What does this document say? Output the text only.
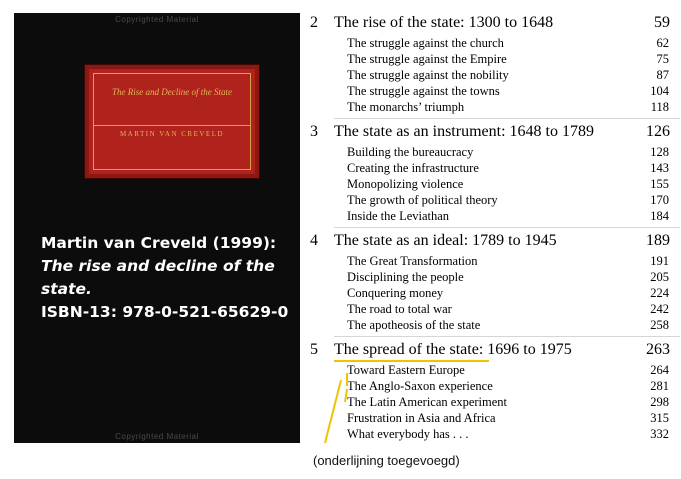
Copyrighted Material
The Rise and Decline of the State
MARTIN VAN CREVELD
Copyrighted Material
Martin van Creveld (1999):
The rise and decline of the
state.
ISBN-13: 978-0-521-65629-0
2 The rise of the state: 1300 to 1648	59
The struggle against the church	62
The struggle against the Empire	75
The struggle against the nobility	87
The struggle against the towns	104
The monarchs’ triumph	118
3 The state as an instrument: 1648 to 1789	126
Building the bureaucracy	128
Creating the infrastructure	143
Monopolizing violence	155
The growth of political theory	170
Inside the Leviathan	184
4 The state as an ideal: 1789 to 1945	189
The Great Transformation	191
Disciplining the people	205
Conquering money	224
The road to total war	242
The apotheosis of the state	258
5 The spread of the state: 1696 to 1975	263
Toward Eastern Europe	264
The Anglo-Saxon experience	281
The Latin American experiment	298
Frustration in Asia and Africa	315
What everybody has . . .	332
(onderlijning toegevoegd)
